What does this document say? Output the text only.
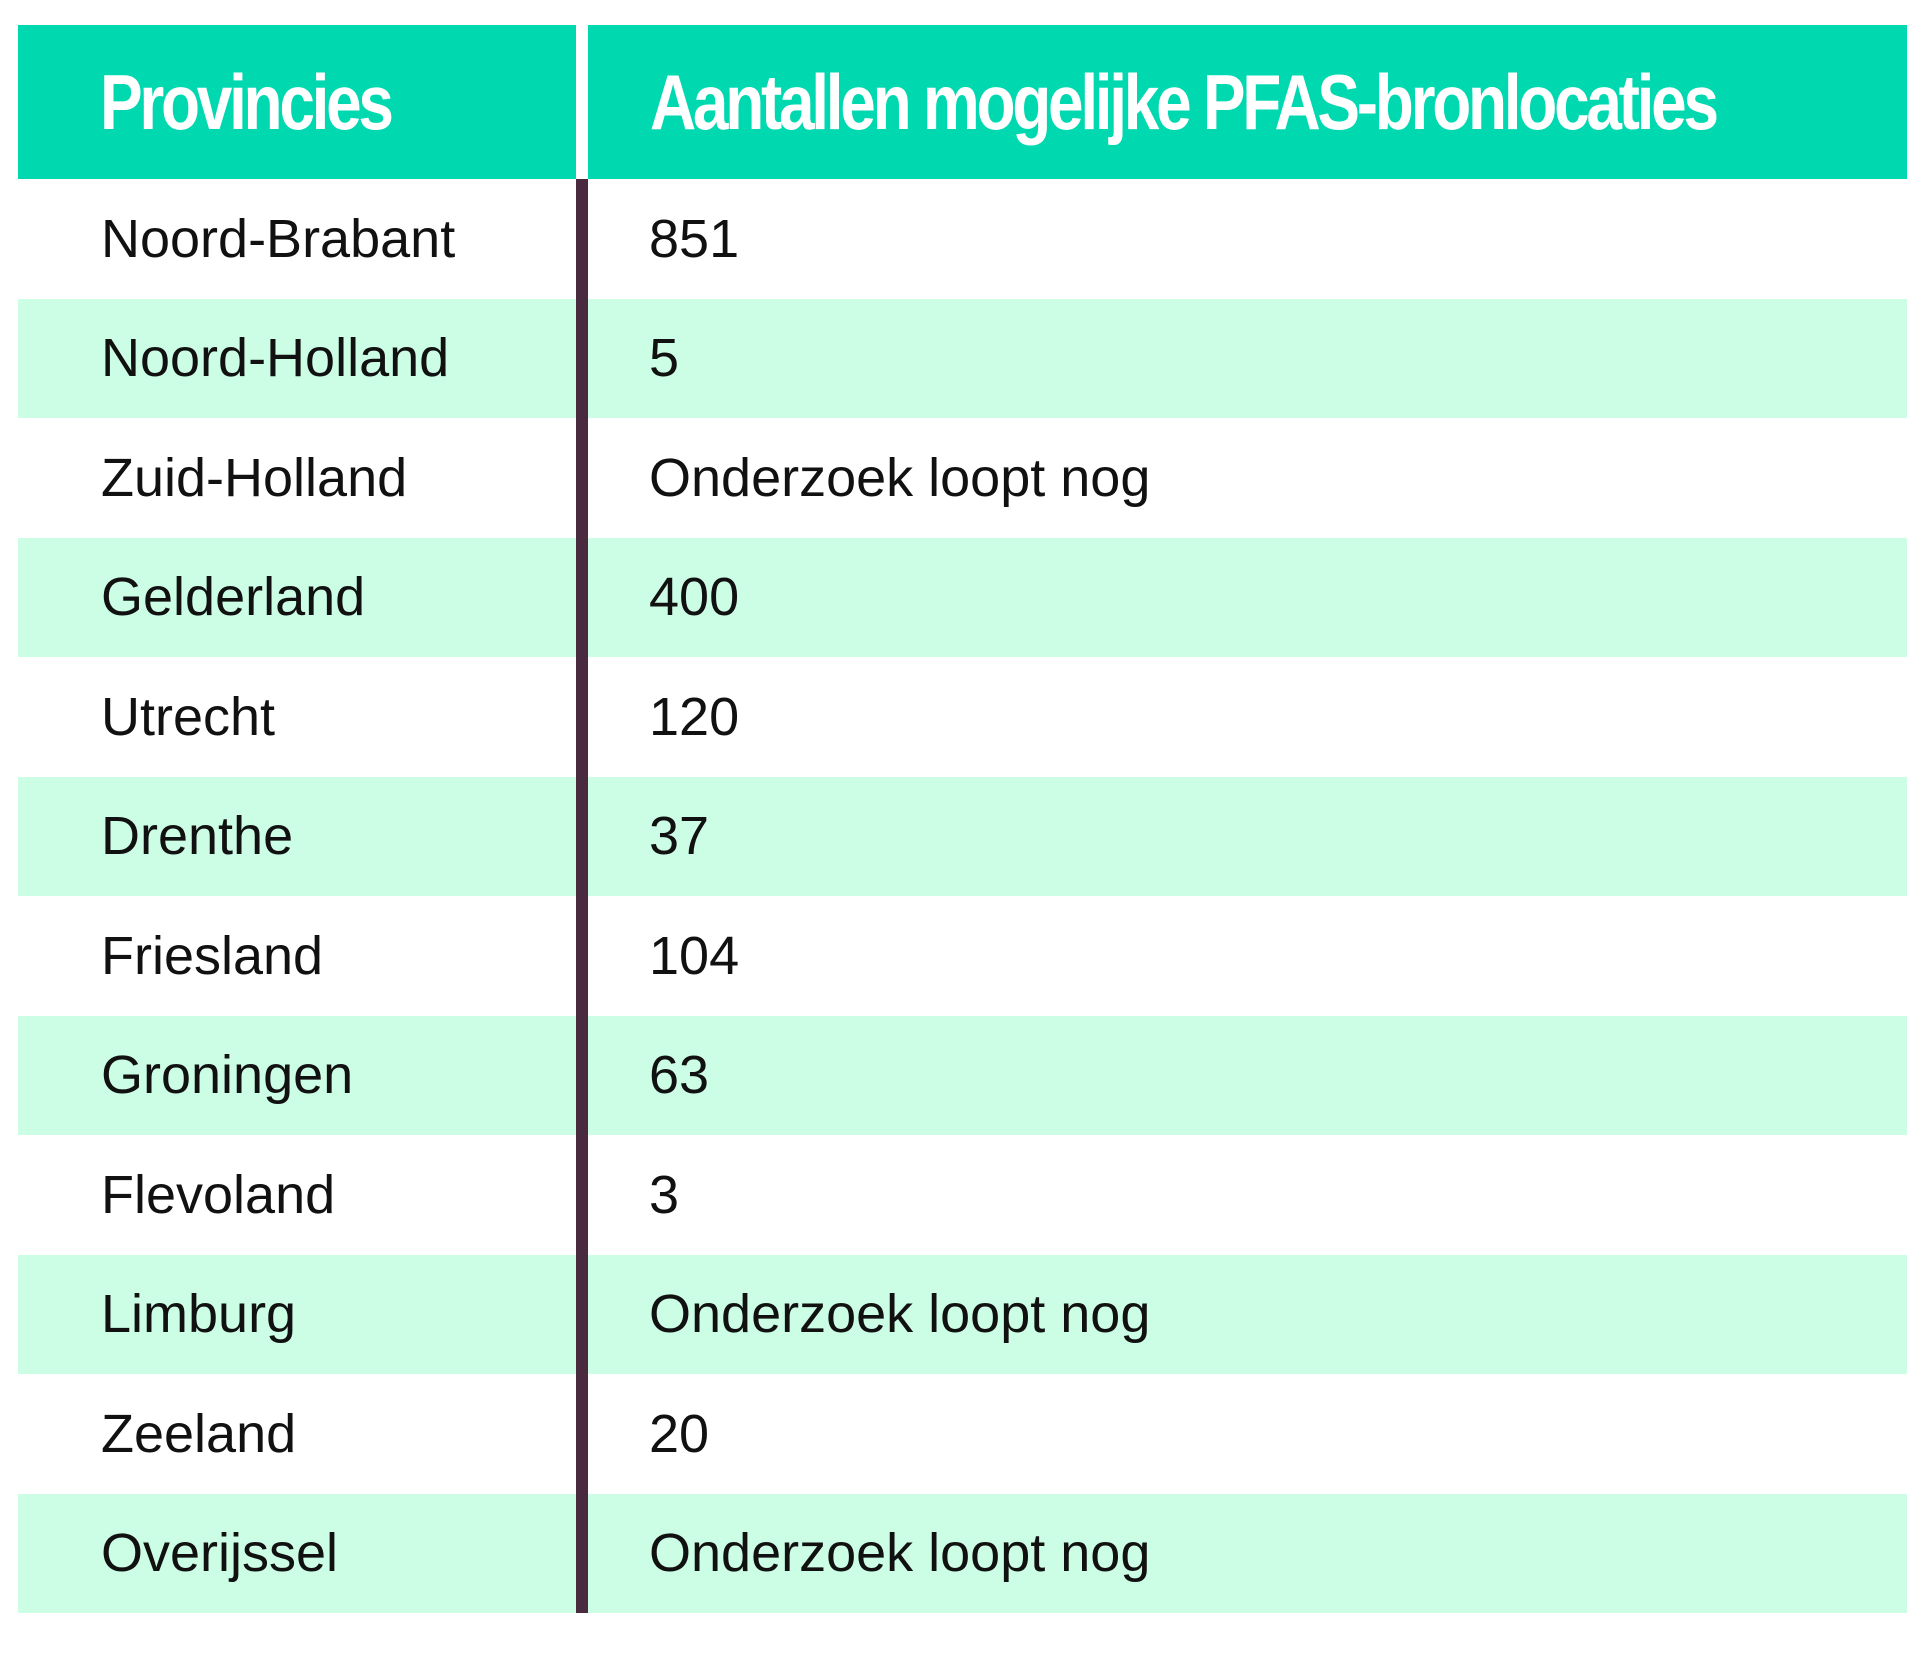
Provincies	Aantallen mogelijke PFAS-bronlocaties
Noord-Brabant	851
Noord-Holland	5
Zuid-Holland	Onderzoek loopt nog
Gelderland	400
Utrecht	120
Drenthe	37
Friesland	104
Groningen	63
Flevoland	3
Limburg	Onderzoek loopt nog
Zeeland	20
Overijssel	Onderzoek loopt nog
